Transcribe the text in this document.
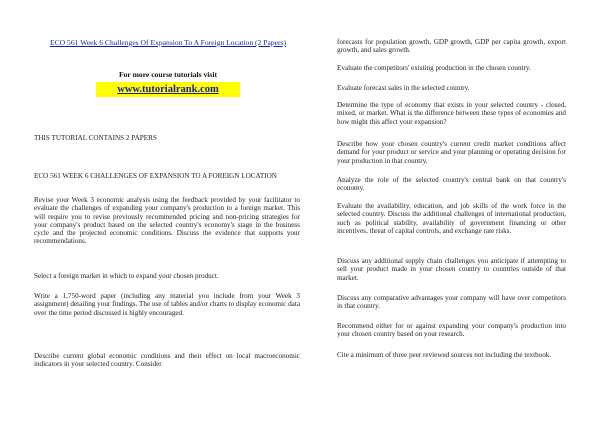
ECO 561 Week 6 Challenges Of Expansion To A Foreign Location (2 Papers)
For more course tutorials visit
www.tutorialrank.com

THIS TUTORIAL CONTAINS 2 PAPERS

ECO 561 WEEK 6 CHALLENGES OF EXPANSION TO A FOREIGN LOCATION

Revise your Week 3 economic analysis using the feedback provided by your facilitator to evaluate the challenges of expanding your company's production to a foreign market. This will require you to revise previously recommended pricing and non-pricing strategies for your company's product based on the selected country's economy's stage in the business cycle and the projected economic conditions. Discuss the evidence that supports your recommendations.

Select a foreign market in which to expand your chosen product.

Write a 1,750-word paper (including any material you include from your Week 3 assignment) detailing your findings. The use of tables and/or charts to display economic data over the time period discussed is highly encouraged.

Describe current global economic conditions and their effect on local macroeconomic indicators in your selected country. Consider

forecasts for population growth, GDP growth, GDP per capita growth, export growth, and sales growth.

Evaluate the competitors' existing production in the chosen country.

Evaluate forecast sales in the selected country.

Determine the type of economy that exists in your selected country - closed, mixed, or market. What is the difference between these types of economies and how might this affect your expansion?

Describe how your chosen country's current credit market conditions affect demand for your product or service and your planning or operating decision for your production in that country.

Analyze the role of the selected country's central bank on that country's economy.

Evaluate the availability, education, and job skills of the work force in the selected country. Discuss the additional challenges of international production, such as political stability, availability of government financing or other incentives, threat of capital controls, and exchange rate risks.

Discuss any additional supply chain challenges you anticipate if attempting to sell your product made in your chosen country to countries outside of that market.

Discuss any comparative advantages your company will have over competitors in that country.

Recommend either for or against expanding your company's production into your chosen country based on your research.

Cite a minimum of three peer reviewed sources not including the textbook.
